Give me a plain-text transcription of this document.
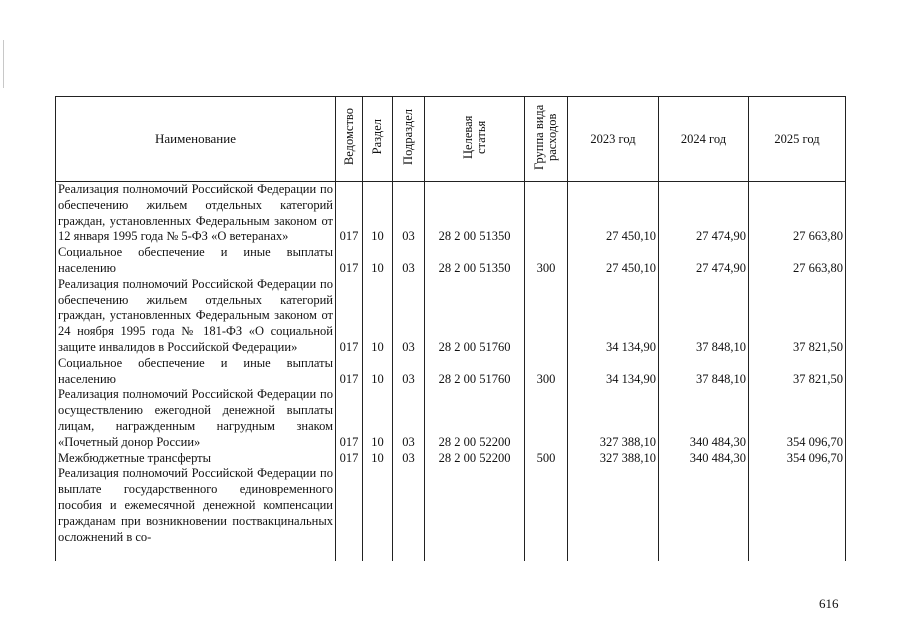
Наименование	Ведомство	Раздел	Подраздел	Целевая статья	Группа вида расходов	2023 год	2024 год	2025 год
Реализация полномочий Российской Федерации по обеспечению жильем отдельных категорий граждан, установленных Федеральным законом от 12 января 1995 года № 5-ФЗ «О ветеранах»	017	10	03	28 2 00 51350		27 450,10	27 474,90	27 663,80
Социальное обеспечение и иные выплаты населению	017	10	03	28 2 00 51350	300	27 450,10	27 474,90	27 663,80
Реализация полномочий Российской Федерации по обеспечению жильем отдельных категорий граждан, установленных Федеральным законом от 24 ноября 1995 года № 181-ФЗ «О социальной защите инвалидов в Российской Федерации»	017	10	03	28 2 00 51760		34 134,90	37 848,10	37 821,50
Социальное обеспечение и иные выплаты населению	017	10	03	28 2 00 51760	300	34 134,90	37 848,10	37 821,50
Реализация полномочий Российской Федерации по осуществлению ежегодной денежной выплаты лицам, награжденным нагрудным знаком «Почетный донор России»	017	10	03	28 2 00 52200		327 388,10	340 484,30	354 096,70
Межбюджетные трансферты	017	10	03	28 2 00 52200	500	327 388,10	340 484,30	354 096,70
Реализация полномочий Российской Федерации по выплате государственного единовременного пособия и ежемесячной денежной компенсации гражданам при возникновении поствакцинальных осложнений в со-								
616
